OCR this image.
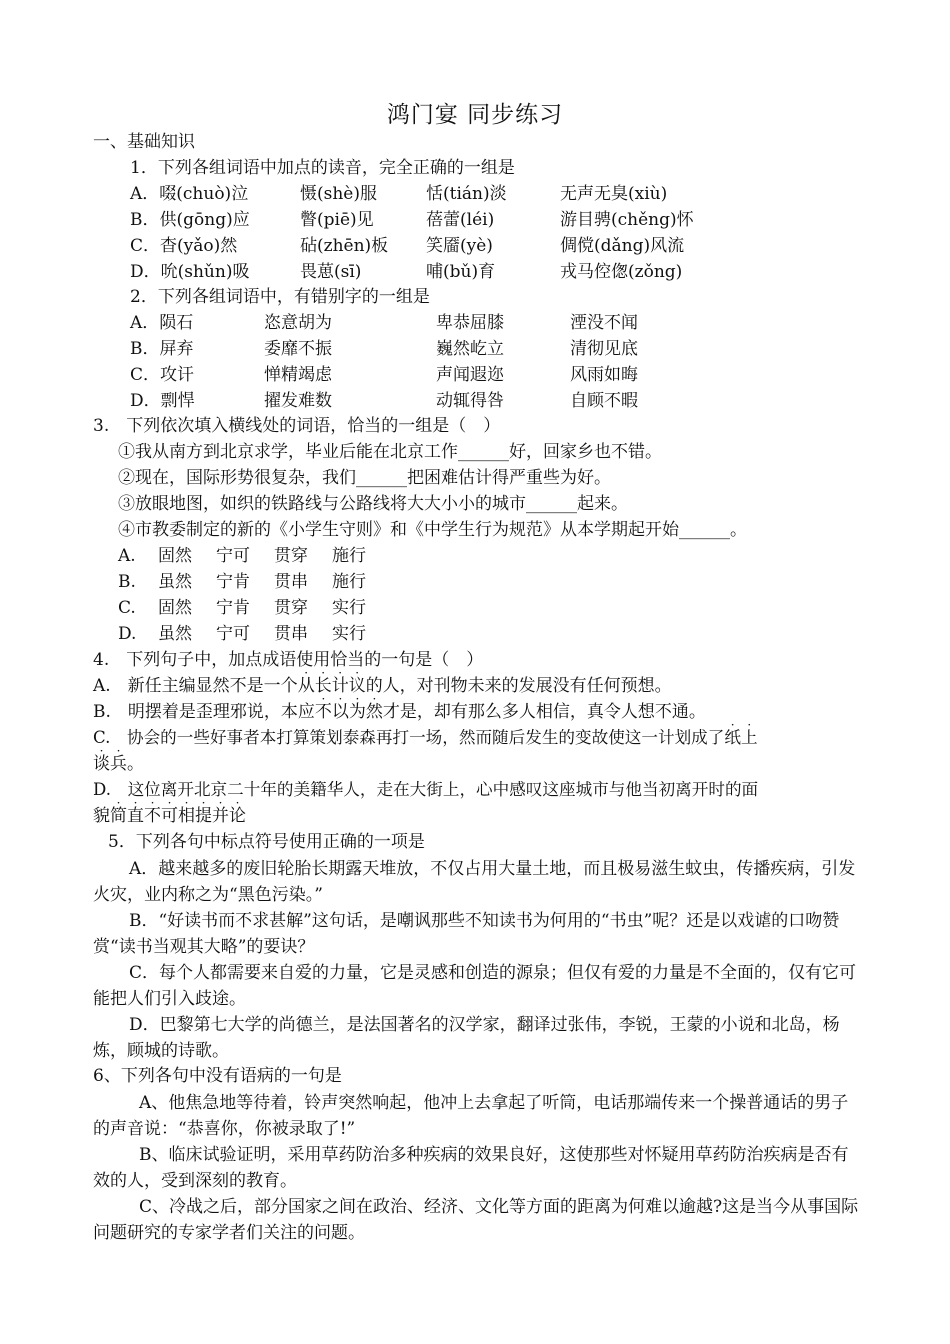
鸿门宴 同步练习
一、基础知识
1．下列各组词语中加点的读音，完全正确的一组是
A．啜(chuò)泣	慑(shè)服	恬(tián)淡	无声无臭(xiù)
B．供(gōng)应	瞥(piē)见	蓓蕾(léi)	游目骋(chěng)怀
C．杳(yǎo)然	砧(zhēn)板 笑靥(yè)	倜傥(dǎng)风流
D．吮(shǔn)吸	畏葸(sī)	哺(bǔ)育	戎马倥偬(zǒng)
2．下列各组词语中，有错别字的一组是
A．陨石	恣意胡为	卑恭屈膝	湮没不闻
B．屏弃	委靡不振	巍然屹立	清彻见底
C．攻讦	惮精竭虑	声闻遐迩	风雨如晦
D．剽悍	擢发难数	动辄得咎	自顾不暇
3.　下列依次填入横线处的词语，恰当的一组是（　）
①我从南方到北京求学，毕业后能在北京工作______好，回家乡也不错。
②现在，国际形势很复杂，我们______把困难估计得严重些为好。
③放眼地图，如织的铁路线与公路线将大大小小的城市______起来。
④市教委制定的新的《小学生守则》和《中学生行为规范》从本学期起开始______。
A. 固然 宁可 贯穿 施行
B. 虽然 宁肯 贯串 施行
C. 固然 宁肯 贯穿 实行
D. 虽然 宁可 贯串 实行
4.　下列句子中，加点成语使用恰当的一句是（　）
A.　新任主编显然不是一个从
·
长
·
计
·
议
·
的人，对刊物未来的发展没有任何预想。
B.　明摆着是歪理邪说，本应不
·
以
·
为
·
然
·
才是，却有那么多人相信，真令人想不通。
C.　协会的一些好事者本打算策划泰森再打一场，然而随后发生的变故使这一计划成了纸
·
上
·
谈
·
兵
·
。
D.　这位离开北京二十年的美籍华人，走在大街上，心中感叹这座城市与他当初离开时的面
貌简
·
直
·
不
·
可
·
相
·
提
·
并
·
论
·
5．下列各句中标点符号使用正确的一项是
A．越来越多的废旧轮胎长期露天堆放，不仅占用大量土地，而且极易滋生蚊虫，传播疾病，引发火灾，业内称之为“黑色污染。”
B．“好读书而不求甚解”这句话，是嘲讽那些不知读书为何用的“书虫”呢？还是以戏谑的口吻赞赏“读书当观其大略”的要诀？
C．每个人都需要来自爱的力量，它是灵感和创造的源泉；但仅有爱的力量是不全面的，仅有它可能把人们引入歧途。
D．巴黎第七大学的尚德兰，是法国著名的汉学家，翻译过张伟，李锐，王蒙的小说和北岛，杨炼，顾城的诗歌。
6、下列各句中没有语病的一句是
A、他焦急地等待着，铃声突然响起，他冲上去拿起了听筒，电话那端传来一个操普通话的男子的声音说：“恭喜你，你被录取了!”
B、临床试验证明，采用草药防治多种疾病的效果良好，这使那些对怀疑用草药防治疾病是否有效的人，受到深刻的教育。
C、冷战之后，部分国家之间在政治、经济、文化等方面的距离为何难以逾越?这是当今从事国际问题研究的专家学者们关注的问题。
